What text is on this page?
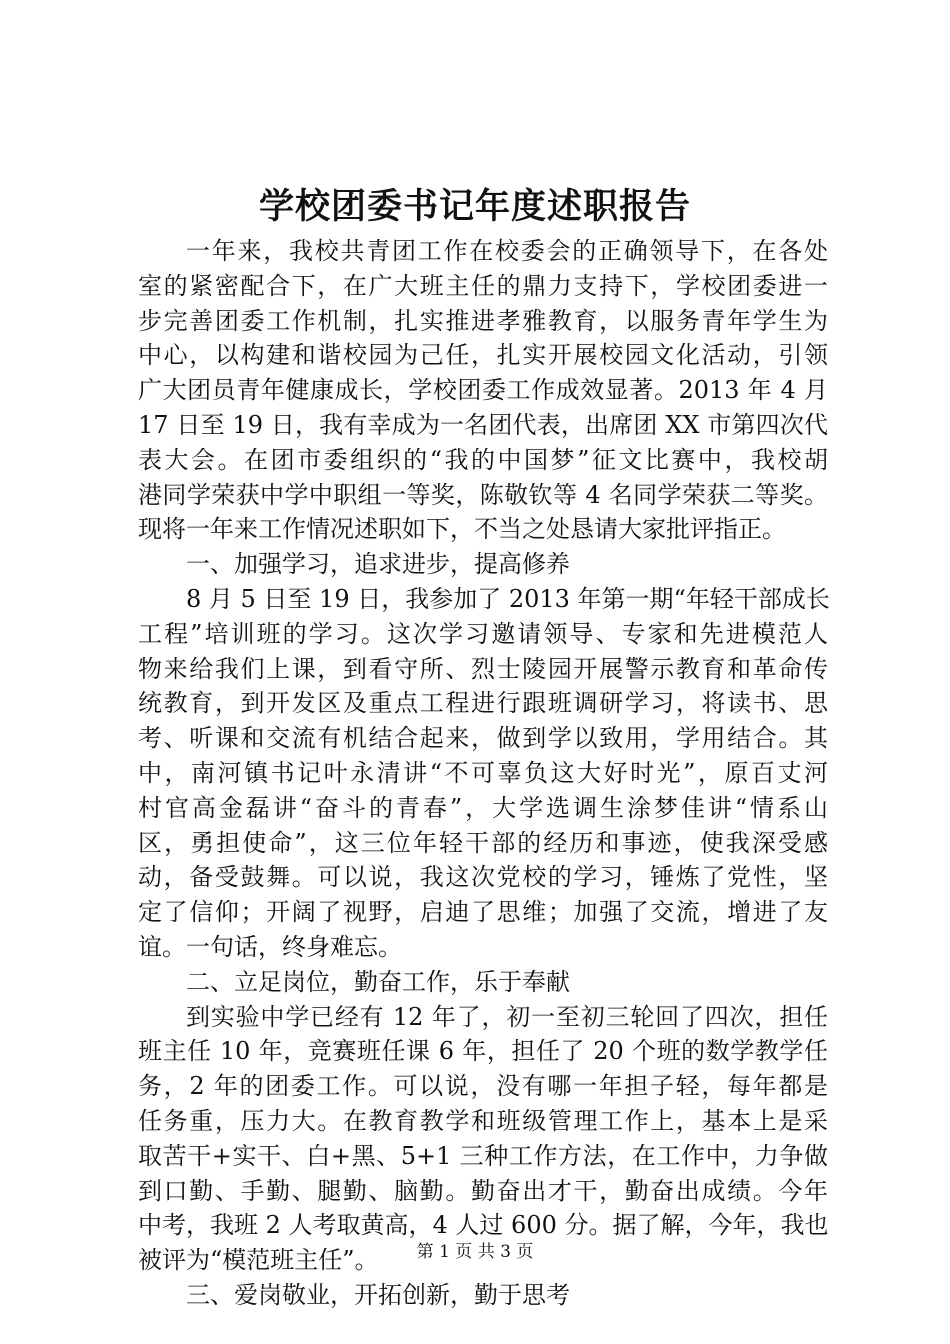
学校团委书记年度述职报告
一年来，我校共青团工作在校委会的正确领导下，在各处
室的紧密配合下，在广大班主任的鼎力支持下，学校团委进一
步完善团委工作机制，扎实推进孝雅教育，以服务青年学生为
中心，以构建和谐校园为己任，扎实开展校园文化活动，引领
广大团员青年健康成长，学校团委工作成效显著。2013 年 4 月
17 日至 19 日，我有幸成为一名团代表，出席团 XX 市第四次代
表大会。在团市委组织的“我的中国梦”征文比赛中，我校胡
港同学荣获中学中职组一等奖，陈敬钦等 4 名同学荣获二等奖。
现将一年来工作情况述职如下，不当之处恳请大家批评指正。
一、加强学习，追求进步，提高修养
8 月 5 日至 19 日，我参加了 2013 年第一期“年轻干部成长
工程”培训班的学习。这次学习邀请领导、专家和先进模范人
物来给我们上课，到看守所、烈士陵园开展警示教育和革命传
统教育，到开发区及重点工程进行跟班调研学习，将读书、思
考、听课和交流有机结合起来，做到学以致用，学用结合。其
中，南河镇书记叶永清讲“不可辜负这大好时光”，原百丈河
村官高金磊讲“奋斗的青春”，大学选调生涂梦佳讲“情系山
区，勇担使命”，这三位年轻干部的经历和事迹，使我深受感
动，备受鼓舞。可以说，我这次党校的学习，锤炼了党性，坚
定了信仰；开阔了视野，启迪了思维；加强了交流，增进了友
谊。一句话，终身难忘。
二、立足岗位，勤奋工作，乐于奉献
到实验中学已经有 12 年了，初一至初三轮回了四次，担任
班主任 10 年，竞赛班任课 6 年，担任了 20 个班的数学教学任
务，2 年的团委工作。可以说，没有哪一年担子轻，每年都是
任务重，压力大。在教育教学和班级管理工作上，基本上是采
取苦干+实干、白+黑、5+1 三种工作方法，在工作中，力争做
到口勤、手勤、腿勤、脑勤。勤奋出才干，勤奋出成绩。今年
中考，我班 2 人考取黄高，4 人过 600 分。据了解，今年，我也
被评为“模范班主任”。
三、爱岗敬业，开拓创新，勤于思考
第 1 页 共 3 页
